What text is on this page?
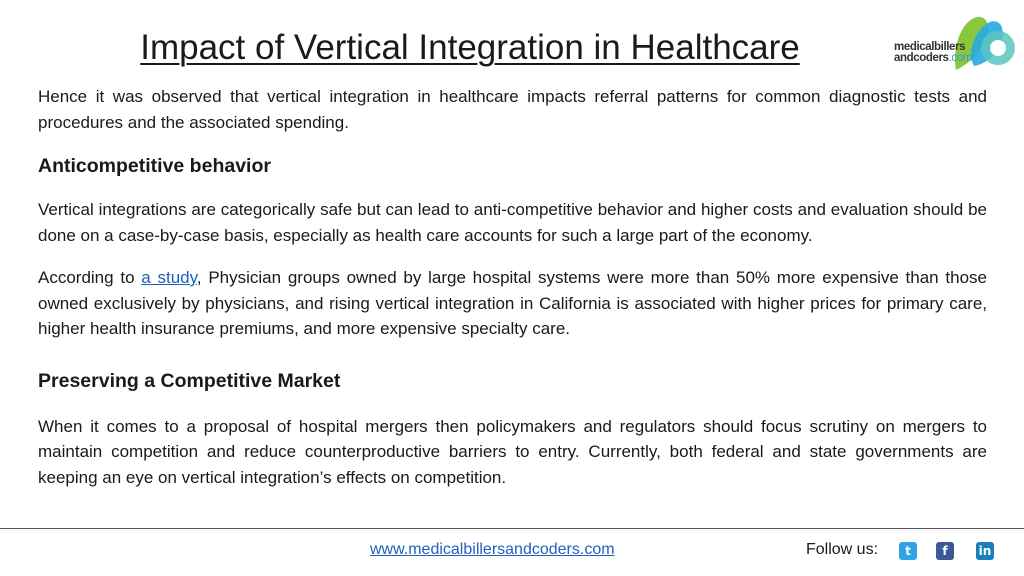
Impact of Vertical Integration in Healthcare	medicalbillers
andcoders.com

Hence it was observed that vertical integration in healthcare impacts referral patterns for common diagnostic tests and procedures and the associated spending.

Anticompetitive behavior

Vertical integrations are categorically safe but can lead to anti-competitive behavior and higher costs and evaluation should be done on a case-by-case basis, especially as health care accounts for such a large part of the economy.

According to a study, Physician groups owned by large hospital systems were more than 50% more expensive than those owned exclusively by physicians, and rising vertical integration in California is associated with higher prices for primary care, higher health insurance premiums, and more expensive specialty care.

Preserving a Competitive Market

When it comes to a proposal of hospital mergers then policymakers and regulators should focus scrutiny on mergers to maintain competition and reduce counterproductive barriers to entry. Currently, both federal and state governments are keeping an eye on vertical integration’s effects on competition.

www.medicalbillersandcoders.com	Follow us:	t	f	in
